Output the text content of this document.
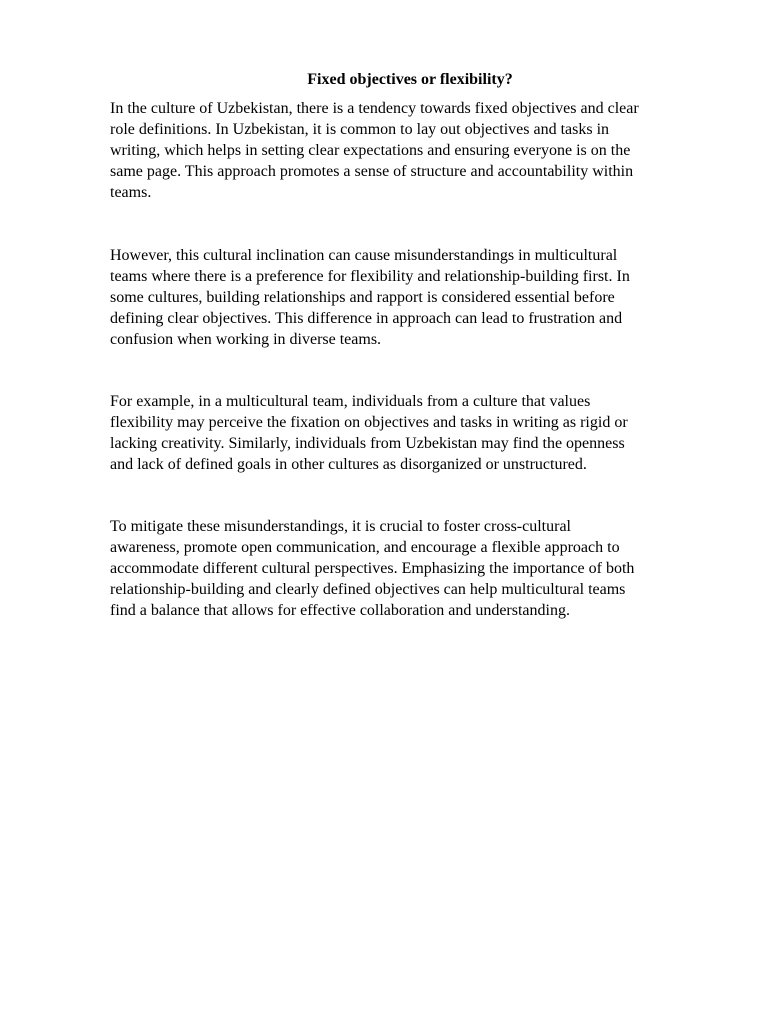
Fixed objectives or flexibility?

In the culture of Uzbekistan, there is a tendency towards fixed objectives and clear
role definitions. In Uzbekistan, it is common to lay out objectives and tasks in
writing, which helps in setting clear expectations and ensuring everyone is on the
same page. This approach promotes a sense of structure and accountability within
teams.

However, this cultural inclination can cause misunderstandings in multicultural
teams where there is a preference for flexibility and relationship-building first. In
some cultures, building relationships and rapport is considered essential before
defining clear objectives. This difference in approach can lead to frustration and
confusion when working in diverse teams.

For example, in a multicultural team, individuals from a culture that values
flexibility may perceive the fixation on objectives and tasks in writing as rigid or
lacking creativity. Similarly, individuals from Uzbekistan may find the openness
and lack of defined goals in other cultures as disorganized or unstructured.

To mitigate these misunderstandings, it is crucial to foster cross-cultural
awareness, promote open communication, and encourage a flexible approach to
accommodate different cultural perspectives. Emphasizing the importance of both
relationship-building and clearly defined objectives can help multicultural teams
find a balance that allows for effective collaboration and understanding.
